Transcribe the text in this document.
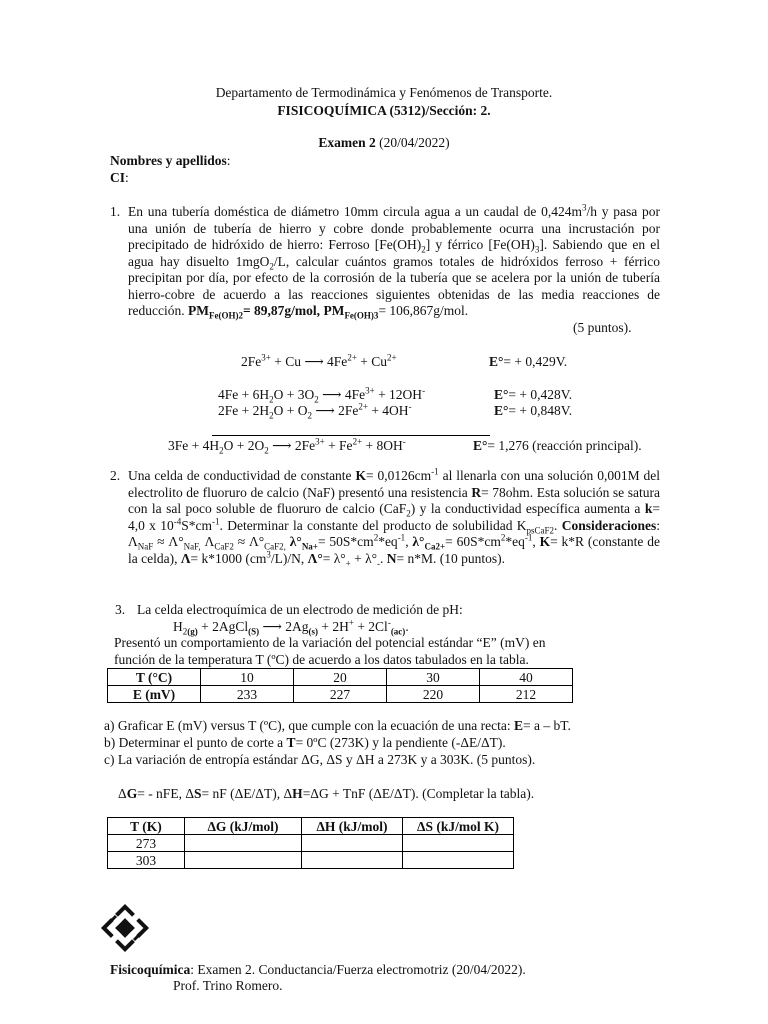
Departamento de Termodinámica y Fenómenos de Transporte.
FISICOQUÍMICA (5312)/Sección: 2.
Examen 2 (20/04/2022)
Nombres y apellidos:
CI:
1. En una tubería doméstica de diámetro 10mm circula agua a un caudal de $0,424m^3/h$ y pasa por una unión de tubería de hierro y cobre donde probablemente ocurra una incrustación por precipitado de hidróxido de hierro: Ferroso $[Fe(OH)_2]$ y férrico $[Fe(OH)_3]$. Sabiendo que en el agua hay disuelto 1mgO$_2$/L, calcular cuántos gramos totales de hidróxidos ferroso + férrico precipitan por día, por efecto de la corrosión de la tubería que se acelera por la unión de tubería hierro-cobre de acuerdo a las reacciones siguientes obtenidas de las media reacciones de reducción. $PM_{Fe(OH)2}= 89,87g/mol$, $PM_{Fe(OH)3}= 106,867g/mol$.
(5 puntos).
$2Fe^{3+} + Cu$ ⟶ $4Fe^{2+} + Cu^{2+}$	E°= + 0,429V.
$4Fe + 6H_2O + 3O_2$ ⟶ $4Fe^{3+} + 12OH^-$	E°= + 0,428V.
$2Fe + 2H_2O + O_2$ ⟶ $2Fe^{2+} + 4OH^-$	E°= + 0,848V.
$3Fe + 4H_2O + 2O_2$ ⟶ $2Fe^{3+} + Fe^{2+} + 8OH^-$	E°= 1,276 (reacción principal).
2. Una celda de conductividad de constante $K= 0,0126cm^{-1}$ al llenarla con una solución 0,001M del electrolito de fluoruro de calcio (NaF) presentó una resistencia R= 78ohm. Esta solución se satura con la sal poco soluble de fluoruro de calcio (CaF$_2$) y la conductividad específica aumenta a k= 4,0 x $10^{-4}S*cm^{-1}$. Determinar la constante del producto de solubilidad $K_{psCaF2}$. Consideraciones: $\Lambda_{NaF} \approx \Lambda^\circ_{NaF,}$ $\Lambda_{CaF2} \approx \Lambda^\circ_{CaF2,}$ $\lambda^\circ_{Na+}= 50S*cm^2*eq^{-1}$, $\lambda^\circ_{Ca2+}= 60S*cm^2*eq^{-1}$, K= k*R (constante de la celda), Λ= k*1000 $(cm^3/L)/N$, $\Lambda^\circ= \lambda^\circ_+ + \lambda^\circ_-$. N= n*M. (10 puntos).
3. La celda electroquímica de un electrodo de medición de pH:
$H_{2(g)}$ + 2AgCl$_{(S)}$ ⟶ $2Ag_{(s)} + 2H^+ + 2Cl^-_{(ac)}$.
Presentó un comportamiento de la variación del potencial estándar “E” (mV) en
función de la temperatura T (ºC) de acuerdo a los datos tabulados en la tabla.
T (°C)	10	20	30	40
E (mV)	233	227	220	212
a) Graficar E (mV) versus T (ºC), que cumple con la ecuación de una recta: E= a – bT.
b) Determinar el punto de corte a T= 0ºC (273K) y la pendiente (-ΔE/ΔT).
c) La variación de entropía estándar ΔG, ΔS y ΔH a 273K y a 303K. (5 puntos).
ΔG= - nFE, ΔS= nF (ΔE/ΔT), ΔH=ΔG + TnF (ΔE/ΔT). (Completar la tabla).
T (K)	ΔG (kJ/mol)	ΔH (kJ/mol)	ΔS (kJ/mol K)
273			
303			
Fisicoquímica: Examen 2. Conductancia/Fuerza electromotriz (20/04/2022).
Prof. Trino Romero.
